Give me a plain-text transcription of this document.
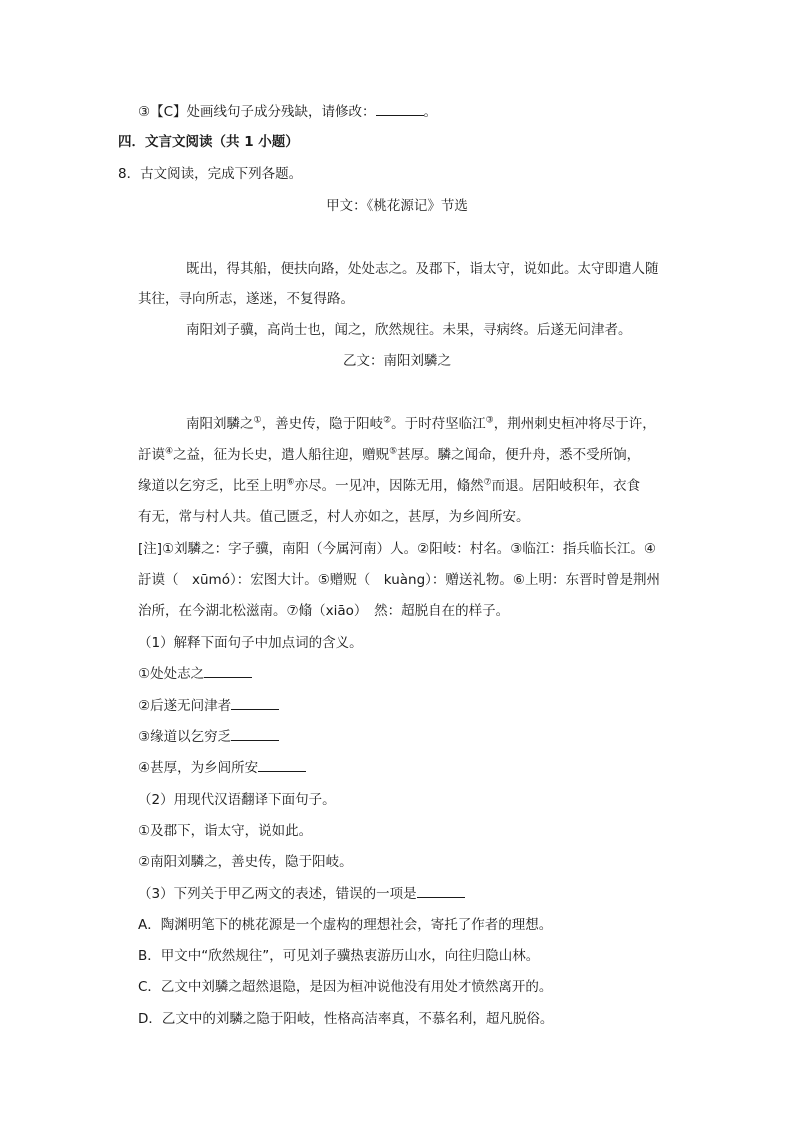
③【C】处画线句子成分残缺，请修改：	。
四．文言文阅读（共 1 小题）
8．古文阅读，完成下列各题。
甲文：《桃花源记》节选
既出，得其船，便扶向路，处处志之。及郡下，诣太守，说如此。太守即遣人随
其往，寻向所志，遂迷，不复得路。
南阳刘子骥，高尚士也，闻之，欣然规往。未果，寻病终。后遂无问津者。
乙文：南阳刘驎之
南阳刘驎之①，善史传，隐于阳岐②。于时苻坚临江③，荆州刺史桓冲将尽于许，
訏谟④之益，征为长史，遣人船往迎，赠贶⑤甚厚。驎之闻命，便升舟，悉不受所饷，
缘道以乞穷乏，比至上明⑥亦尽。一见冲，因陈无用，翛然⑦而退。居阳岐积年，衣食
有无，常与村人共。值己匮乏，村人亦如之，甚厚，为乡闾所安。
[注]①刘驎之：字子骥，南阳（今属河南）人。②阳岐：村名。③临江：指兵临长江。④
訏谟（　xūmó）：宏图大计。⑤赠贶（　kuàng）：赠送礼物。⑥上明：东晋时曾是荆州
治所，在今湖北松滋南。⑦翛（xiāo）　然：超脱自在的样子。
（1）解释下面句子中加点词的含义。
①处处志之
②后遂无问津者
③缘道以乞穷乏
④甚厚，为乡闾所安
（2）用现代汉语翻译下面句子。
①及郡下，诣太守，说如此。
②南阳刘驎之，善史传，隐于阳岐。
（3）下列关于甲乙两文的表述，错误的一项是
A．陶渊明笔下的桃花源是一个虚构的理想社会，寄托了作者的理想。
B．甲文中“欣然规往”，可见刘子骥热衷游历山水，向往归隐山林。
C．乙文中刘驎之超然退隐，是因为桓冲说他没有用处才愤然离开的。
D．乙文中的刘驎之隐于阳岐，性格高洁率真，不慕名利，超凡脱俗。
